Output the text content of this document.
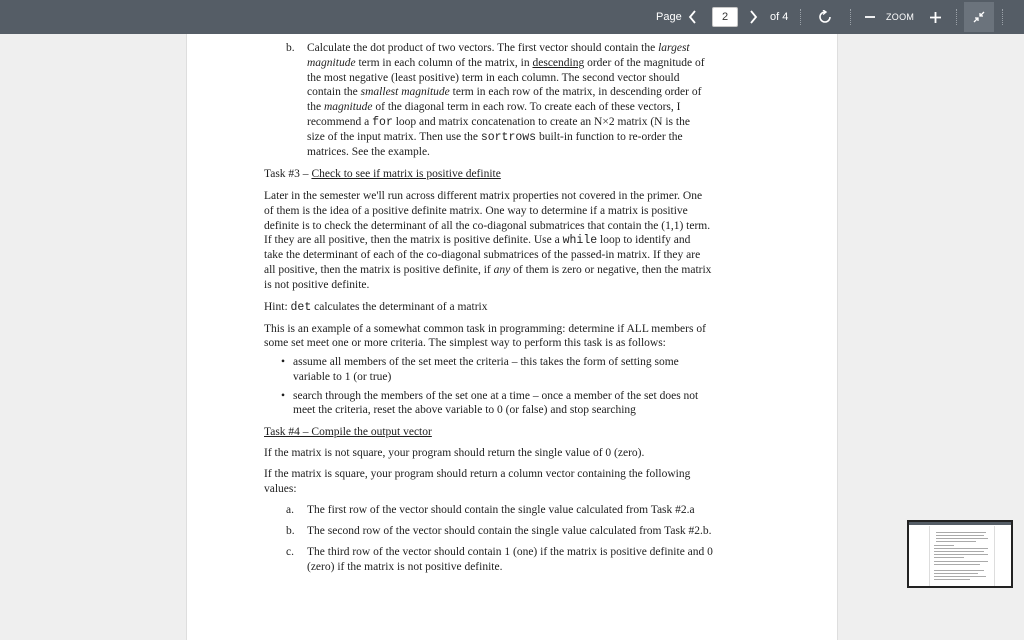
Page
2	of 4	ZOOM

b. Calculate the dot product of two vectors. The first vector should contain the largest

magnitude term in each column of the matrix, in descending order of the magnitude of

the most negative (least positive) term in each column. The second vector should

contain the smallest magnitude term in each row of the matrix, in descending order of

the magnitude of the diagonal term in each row. To create each of these vectors, I

recommend a for loop and matrix concatenation to create an N×2 matrix (N is the

size of the input matrix. Then use the sortrows built-in function to re-order the

matrices. See the example.

Task #3 – Check to see if matrix is positive definite

Later in the semester we'll run across different matrix properties not covered in the primer. One

of them is the idea of a positive definite matrix. One way to determine if a matrix is positive

definite is to check the determinant of all the co-diagonal submatrices that contain the (1,1) term.

If they are all positive, then the matrix is positive definite. Use a while loop to identify and

take the determinant of each of the co-diagonal submatrices of the passed-in matrix. If they are

all positive, then the matrix is positive definite, if any of them is zero or negative, then the matrix

is not positive definite.

Hint: det calculates the determinant of a matrix

This is an example of a somewhat common task in programming: determine if ALL members of

some set meet one or more criteria. The simplest way to perform this task is as follows:

• assume all members of the set meet the criteria – this takes the form of setting some

variable to 1 (or true)

• search through the members of the set one at a time – once a member of the set does not

meet the criteria, reset the above variable to 0 (or false) and stop searching

Task #4 – Compile the output vector

If the matrix is not square, your program should return the single value of 0 (zero).

If the matrix is square, your program should return a column vector containing the following

values:

a. The first row of the vector should contain the single value calculated from Task #2.a

b. The second row of the vector should contain the single value calculated from Task #2.b.

c. The third row of the vector should contain 1 (one) if the matrix is positive definite and 0

(zero) if the matrix is not positive definite.
